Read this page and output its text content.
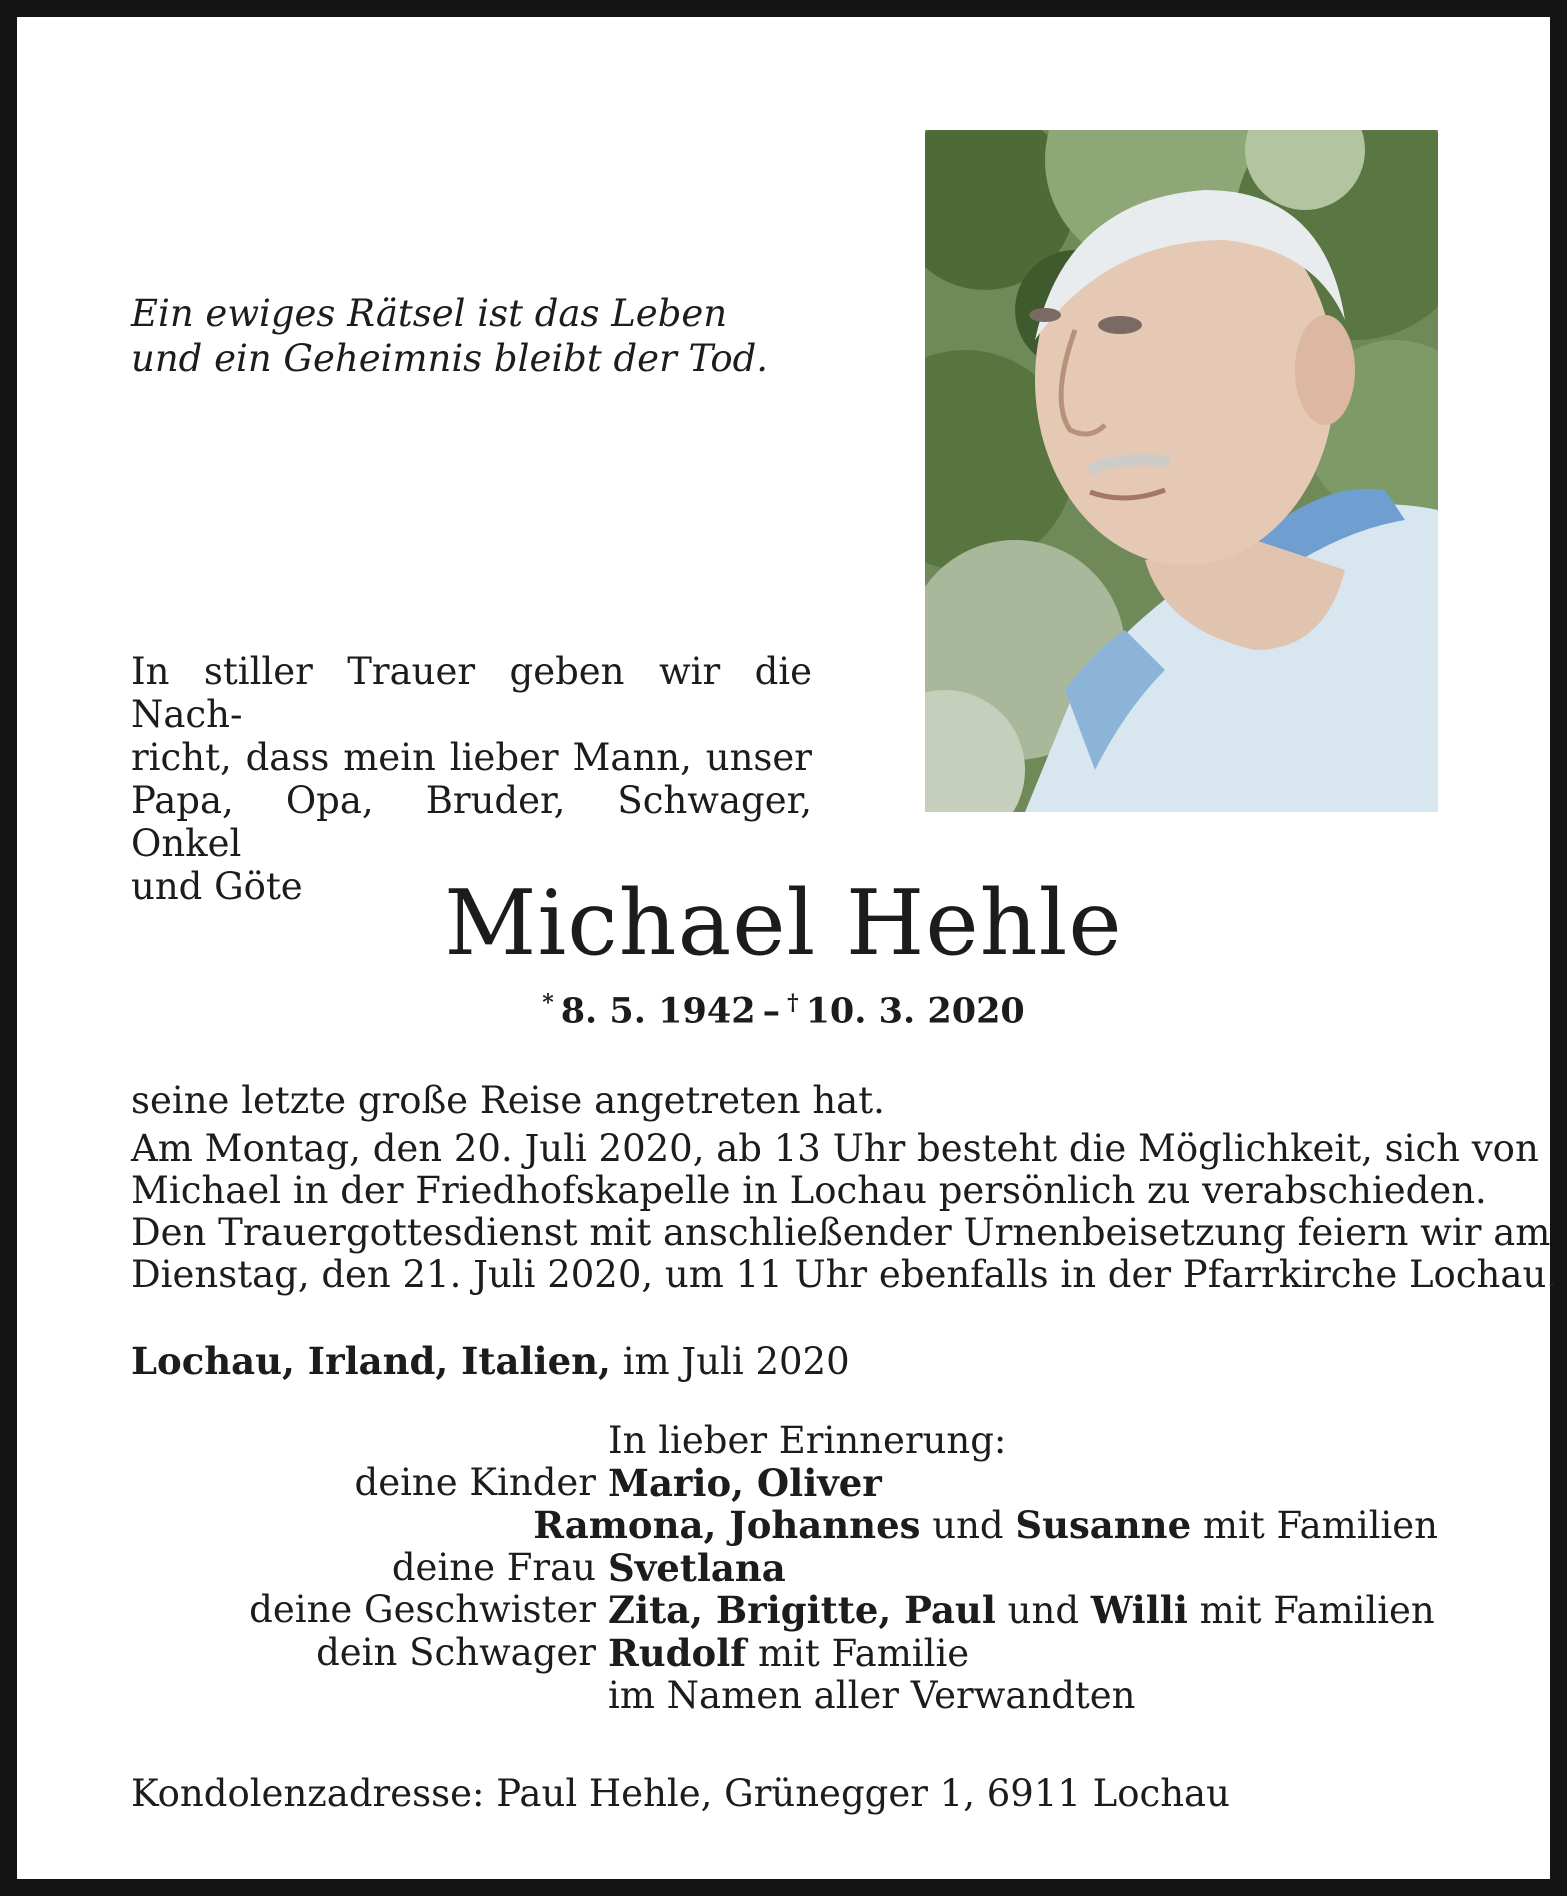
Ein ewiges Rätsel ist das Leben
und ein Geheimnis bleibt der Tod.
In stiller Trauer geben wir die Nach-
richt, dass mein lieber Mann, unser
Papa, Opa, Bruder, Schwager, Onkel
und Göte	Michael Hehle
*  8. 5. 1942  –  †  10. 3. 2020
seine letzte große Reise angetreten hat.
Am Montag, den 20. Juli 2020, ab 13 Uhr besteht die Möglichkeit, sich von
Michael in der Friedhofskapelle in Lochau persönlich zu verabschieden.
Den Trauergottesdienst mit anschließender Urnenbeisetzung feiern wir am
Dienstag, den 21. Juli 2020, um 11 Uhr ebenfalls in der Pfarrkirche Lochau.
Lochau, Irland, Italien, im Juli 2020
In lieber Erinnerung:
deine Kinder Mario, Oliver
Ramona, Johannes und Susanne mit Familien
deine Frau Svetlana
deine Geschwister Zita, Brigitte, Paul und Willi mit Familien
dein Schwager Rudolf mit Familie
im Namen aller Verwandten
Kondolenzadresse: Paul Hehle, Grünegger 1, 6911 Lochau
